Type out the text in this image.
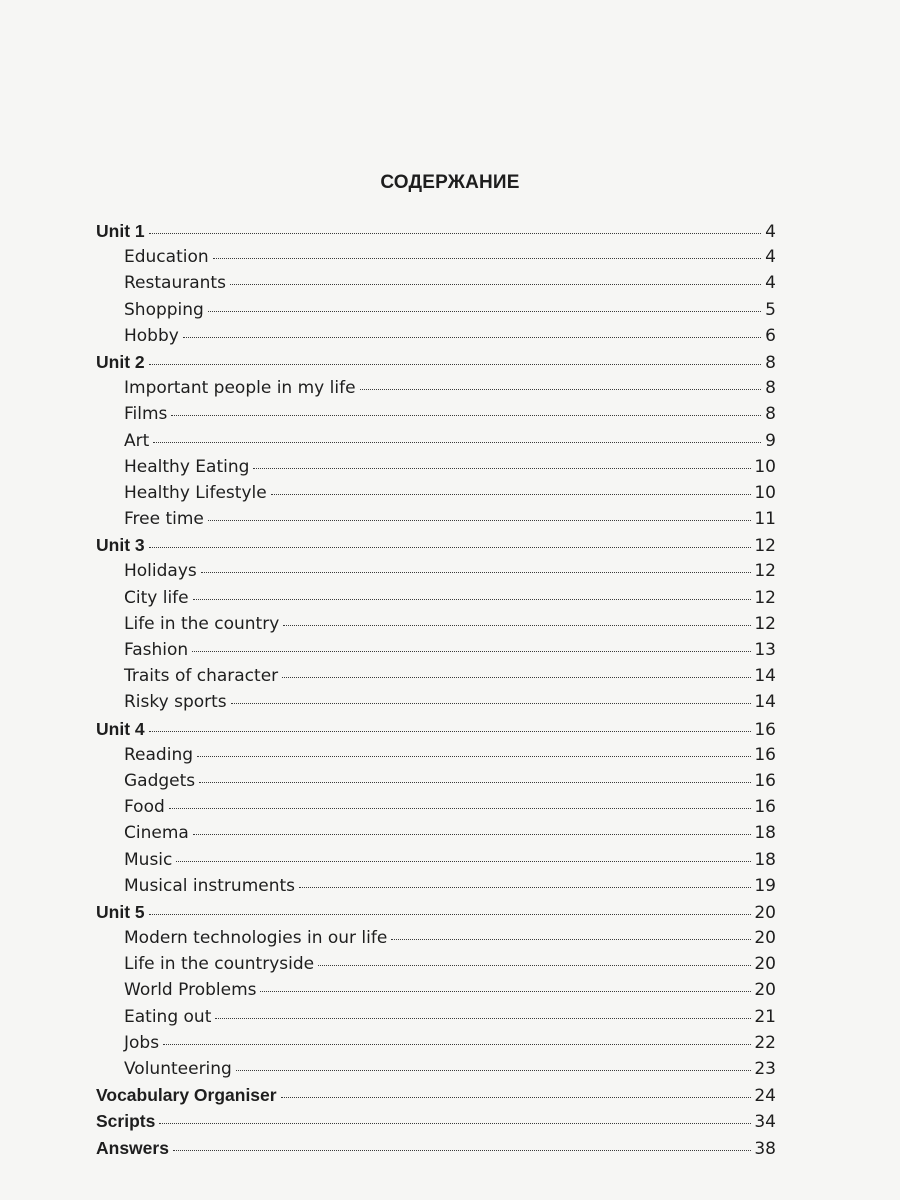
СОДЕРЖАНИЕ
Unit 1	4
Education	4
Restaurants	4
Shopping	5
Hobby	6
Unit 2	8
Important people in my life	8
Films	8
Art	9
Healthy Eating	10
Healthy Lifestyle	10
Free time	11
Unit 3	12
Holidays	12
City life	12
Life in the country	12
Fashion	13
Traits of character	14
Risky sports	14
Unit 4	16
Reading	16
Gadgets	16
Food	16
Cinema	18
Music	18
Musical instruments	19
Unit 5	20
Modern technologies in our life	20
Life in the countryside	20
World Problems	20
Eating out	21
Jobs	22
Volunteering	23
Vocabulary Organiser	24
Scripts	34
Answers	38
